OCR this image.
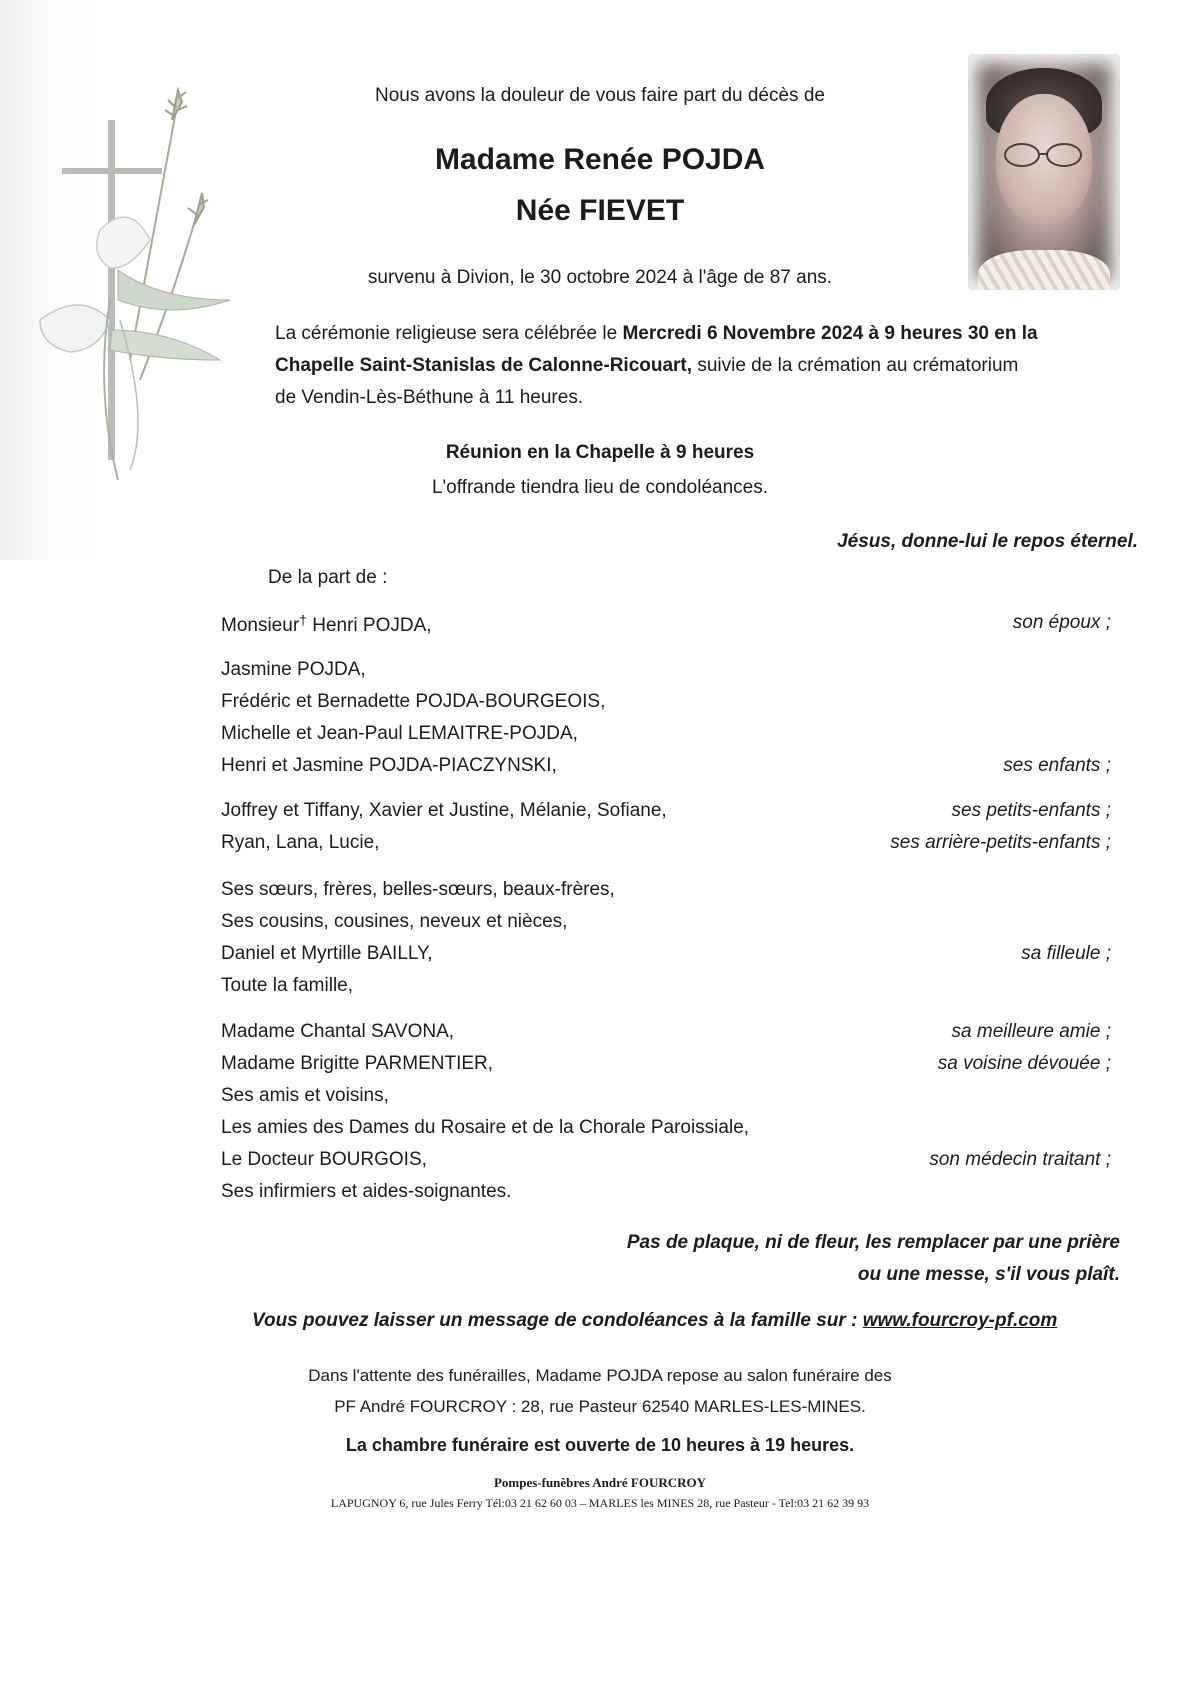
Nous avons la douleur de vous faire part du décès de
Madame Renée POJDA
Née FIEVET
survenu à Divion, le 30 octobre 2024 à l'âge de 87 ans.
La cérémonie religieuse sera célébrée le Mercredi 6 Novembre 2024 à 9 heures 30 en la
Chapelle Saint-Stanislas de Calonne-Ricouart, suivie de la crémation au crématorium
de Vendin-Lès-Béthune à 11 heures.
Réunion en la Chapelle à 9 heures
L'offrande tiendra lieu de condoléances.
Jésus, donne-lui le repos éternel.
De la part de :
Monsieur† Henri POJDA,	son époux ;
Jasmine POJDA,
Frédéric et Bernadette POJDA-BOURGEOIS,
Michelle et Jean-Paul LEMAITRE-POJDA,
Henri et Jasmine POJDA-PIACZYNSKI,	ses enfants ;
Joffrey et Tiffany, Xavier et Justine, Mélanie, Sofiane,	ses petits-enfants ;
Ryan, Lana, Lucie,	ses arrière-petits-enfants ;
Ses sœurs, frères, belles-sœurs, beaux-frères,
Ses cousins, cousines, neveux et nièces,
Daniel et Myrtille BAILLY,	sa filleule ;
Toute la famille,
Madame Chantal SAVONA,	sa meilleure amie ;
Madame Brigitte PARMENTIER,	sa voisine dévouée ;
Ses amis et voisins,
Les amies des Dames du Rosaire et de la Chorale Paroissiale,
Le Docteur BOURGOIS,	son médecin traitant ;
Ses infirmiers et aides-soignantes.
Pas de plaque, ni de fleur, les remplacer par une prière
ou une messe, s'il vous plaît.
Vous pouvez laisser un message de condoléances à la famille sur : www.fourcroy-pf.com
Dans l'attente des funérailles, Madame POJDA repose au salon funéraire des
PF André FOURCROY : 28, rue Pasteur 62540 MARLES-LES-MINES.
La chambre funéraire est ouverte de 10 heures à 19 heures.
Pompes-funèbres André FOURCROY
LAPUGNOY 6, rue Jules Ferry Tél:03 21 62 60 03 – MARLES les MINES 28, rue Pasteur - Tel:03 21 62 39 93
